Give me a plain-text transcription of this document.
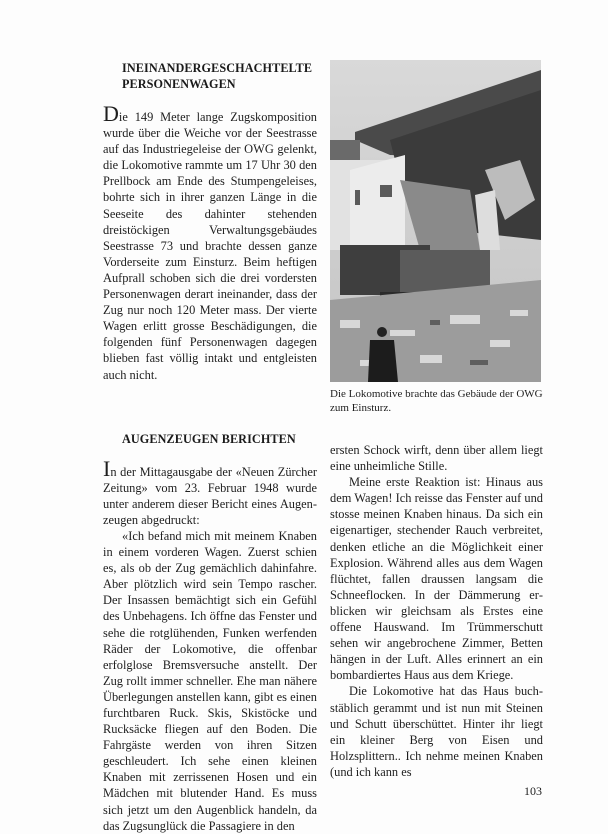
INEINANDERGESCHACHTELTE PERSONENWAGEN

Die 149 Meter lange Zugskomposition wurde über die Weiche vor der Seestrasse auf das Industriegeleise der OWG gelenkt, die Lokomotive rammte um 17 Uhr 30 den Prellbock am Ende des Stumpengeleises, bohrte sich in ihrer ganzen Länge in die Seeseite des dahinter stehenden dreistöckigen Verwaltungsgebäudes Seestrasse 73 und brachte dessen ganze Vorderseite zum Einsturz. Beim heftigen Aufprall schoben sich die drei vordersten Personenwagen derart ineinander, dass der Zug nur noch 120 Meter mass. Der vierte Wagen erlitt grosse Beschädigungen, die folgenden fünf Personenwagen dagegen blieben fast völlig intakt und entgleisten auch nicht.

AUGENZEUGEN BERICHTEN

In der Mittagausgabe der «Neuen Zürcher Zeitung» vom 23. Februar 1948 wurde unter anderem dieser Bericht eines Augenzeugen abgedruckt:

«Ich befand mich mit meinem Knaben in einem vorderen Wagen. Zuerst schien es, als ob der Zug gemächlich dahinfahre. Aber plötzlich wird sein Tempo rascher. Der Insassen bemächtigt sich ein Gefühl des Unbehagens. Ich öffne das Fenster und sehe die rotglühenden, Funken werfenden Räder der Lokomotive, die offenbar erfolglose Bremsversuche anstellt. Der Zug rollt immer schneller. Ehe man nähere Überlegungen anstellen kann, gibt es einen furchtbaren Ruck. Skis, Skistöcke und Rucksäcke fliegen auf den Boden. Die Fahrgäste werden von ihren Sitzen geschleudert. Ich sehe einen kleinen Knaben mit zerrissenen Hosen und ein Mädchen mit blutender Hand. Es muss sich jetzt um den Augenblick handeln, da das Zugsunglück die Passagiere in den

Die Lokomotive brachte das Gebäude der OWG zum Einsturz.

ersten Schock wirft, denn über allem liegt eine unheimliche Stille.

Meine erste Reaktion ist: Hinaus aus dem Wagen! Ich reisse das Fenster auf und stosse meinen Knaben hinaus. Da sich ein eigenartiger, stechender Rauch verbreitet, denken etliche an die Möglichkeit einer Explosion. Während alles aus dem Wagen flüchtet, fallen draussen langsam die Schneeflocken. In der Dämmerung erblicken wir gleichsam als Erstes eine offene Hauswand. Im Trümmerschutt sehen wir angebrochene Zimmer, Betten hängen in der Luft. Alles erinnert an ein bombardiertes Haus aus dem Kriege.

Die Lokomotive hat das Haus buchstäblich gerammt und ist nun mit Steinen und Schutt überschüttet. Hinter ihr liegt ein kleiner Berg von Eisen und Holzsplittern.. Ich nehme meinen Knaben (und ich kann es

103
